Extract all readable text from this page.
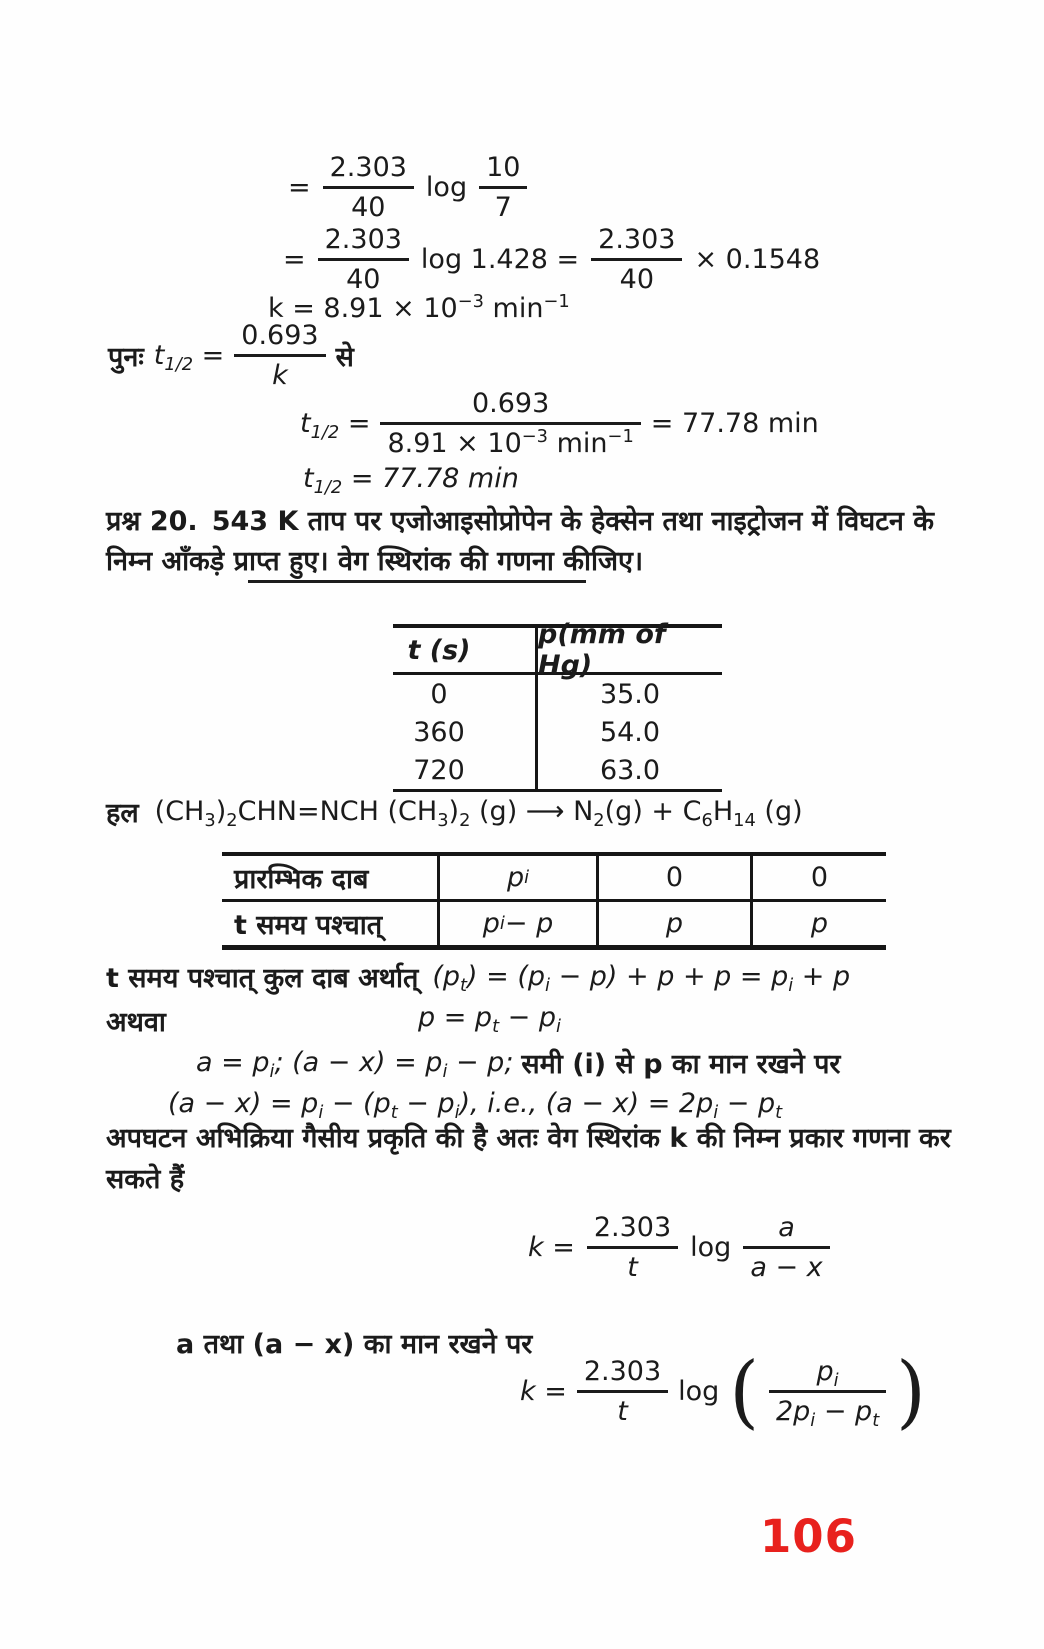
= $\frac{2.303}{40}$ $\log \frac{10}{7}$
= $\frac{2.303}{40}$ $\log 1.428 = \frac{2.303}{40} \times 0.1548$
$k = 8.91 \times 10^{-3}$ $\min^{-1}$
पुनः $t_{1/2} = \frac{0.693}{k}$ से
$t_{1/2} = \frac{0.693}{8.91 \times 10^{-3} \min^{-1}} = 77.78$ min
$t_{1/2} = 77.78$ min

प्रश्न 20. 543 K ताप पर एजोआइसोप्रोपेन के हेक्सेन तथा नाइट्रोजन में विघटन के निम्न आँकड़े प्राप्त हुए। वेग स्थिरांक की गणना कीजिए।

t (s)	p(mm of Hg)
0	35.0
360	54.0
720	63.0
हल $(CH_3)_2CHN=NCH$ $(CH_3)_2$ (g) ⟶ $N_2(g) + C_6H_{14}$ (g)
प्रारम्भिक दाब	p i	0	0
t समय पश्चात्	p i − p	p	p
t समय पश्चात् कुल दाब अर्थात् $(p_t) = (p_i - p) + p + p = p_i + p$
अथवा	$p = p_t - p_i$
$a = p_i$; $(a - x) = p_i - p$; समी (i) से p का मान रखने पर
$(a - x) = p_i - (p_t - p_i)$, i.e., $(a - x) = 2p_i - p_t$

अपघटन अभिक्रिया गैसीय प्रकृति की है अतः वेग स्थिरांक k की निम्न प्रकार गणना कर सकते हैं

$k = \frac{2.303}{t}$ $\log \frac{a}{a - x}$
a तथा (a − x) का मान रखने पर
$k = \frac{2.303}{t}$ log ( $\frac{p_i}{2p_i - p_t}$ )
106
